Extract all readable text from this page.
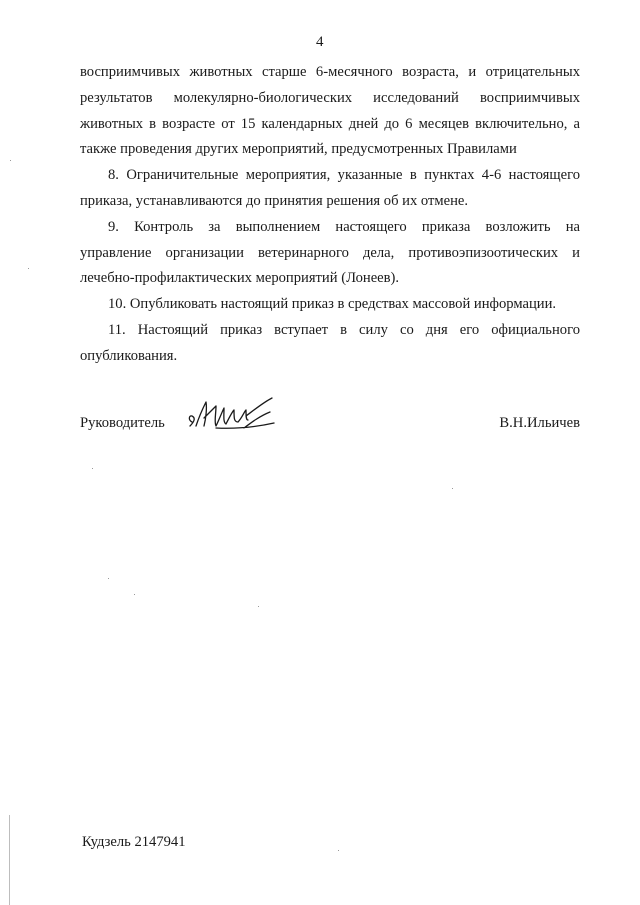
4
восприимчивых животных старше 6-месячного возраста, и отрицательных
результатов молекулярно-биологических исследований восприимчивых
животных в возрасте от 15 календарных дней до 6 месяцев включительно, а
также проведения других мероприятий, предусмотренных Правилами
8. Ограничительные мероприятия, указанные в пунктах 4-6 настоящего
приказа, устанавливаются до принятия решения об их отмене.
9. Контроль за выполнением настоящего приказа возложить на
управление организации ветеринарного дела, противоэпизоотических и
лечебно-профилактических мероприятий (Лонеев).
10. Опубликовать настоящий приказ в средствах массовой информации.
11. Настоящий приказ вступает в силу со дня его официального
опубликования.
Руководитель	В.Н.Ильичев
Кудзель 2147941
